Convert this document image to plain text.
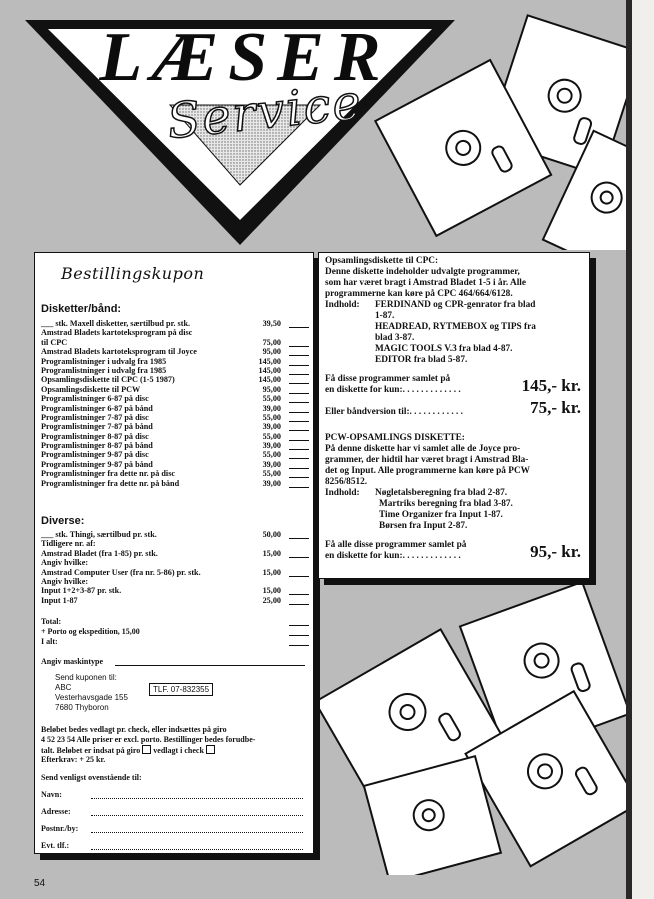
LÆSER
Service
Bestillingskupon
Disketter/bånd:
___ stk. Maxell disketter, særtilbud pr. stk.	39,50
Amstrad Bladets kartoteksprogram på disc
til CPC	75,00
Amstrad Bladets kartoteksprogram til Joyce	95,00
Programlistninger i udvalg fra 1985	145,00
Programlistninger i udvalg fra 1985	145,00
Opsamlingsdiskette til CPC (1-5 1987)	145,00
Opsamlingsdiskette til PCW	95,00
Programlistninger 6-87 på disc	55,00
Programlistninger 6-87 på bånd	39,00
Programlistninger 7-87 på disc	55,00
Programlistninger 7-87 på bånd	39,00
Programlistninger 8-87 på disc	55,00
Programlistninger 8-87 på bånd	39,00
Programlistninger 9-87 på disc	55,00
Programlistninger 9-87 på bånd	39,00
Programlistninger fra dette nr. på disc	55,00
Programlistninger fra dette nr. på bånd	39,00
Diverse:
___ stk. Thingi, særtilbud pr. stk.	50,00
Tidligere nr. af:
Amstrad Bladet (fra 1-85) pr. stk.	15,00
Angiv hvilke:
Amstrad Computer User (fra nr. 5-86) pr. stk.	15,00
Angiv hvilke:
Input 1+2+3-87 pr. stk.	15,00
Input 1-87	25,00
Total:
+ Porto og ekspedition, 15,00
I alt:
Angiv maskintype
Send kuponen til:
ABC
Vesterhavsgade 155
7680 Thyboron
TLF. 07-832355
Beløbet bedes vedlagt pr. check, eller indsættes på giro
4 52 23 54 Alle priser er excl. porto. Bestillinger bedes forudbe-
talt. Beløbet er indsat på giro vedlagt i check
Efterkrav: + 25 kr.
Send venligst ovenstående til:
Navn:
Adresse:
Postnr./by:
Evt. tlf.:

Opsamlingsdiskette til CPC:

Denne diskette indeholder udvalgte programmer,

som har været bragt i Amstrad Bladet 1-5 i år. Alle

programmerne kan køre på CPC 464/664/6128.

Indhold: FERDINAND og CPR-genrator fra blad

1-87.

HEADREAD, RYTMEBOX og TIPS fra

blad 3-87.

MAGIC TOOLS V.3 fra blad 4-87.

EDITOR fra blad 5-87.

Få disse programmer samlet på

en diskette for kun:. . . . . . . . . . . . .	145,- kr.
Eller båndversion til:. . . . . . . . . . . .	75,- kr.

PCW-OPSAMLINGS DISKETTE:

På denne diskette har vi samlet alle de Joyce pro-

grammer, der hidtil har været bragt i Amstrad Bla-

det og Input. Alle programmerne kan køre på PCW

8256/8512.

Indhold: Nøgletalsberegning fra blad 2-87.

Martriks beregning fra blad 3-87.

Time Organizer fra Input 1-87.

Børsen fra Input 2-87.

Få alle disse programmer samlet på

en diskette for kun:. . . . . . . . . . . . .	95,- kr.
54
